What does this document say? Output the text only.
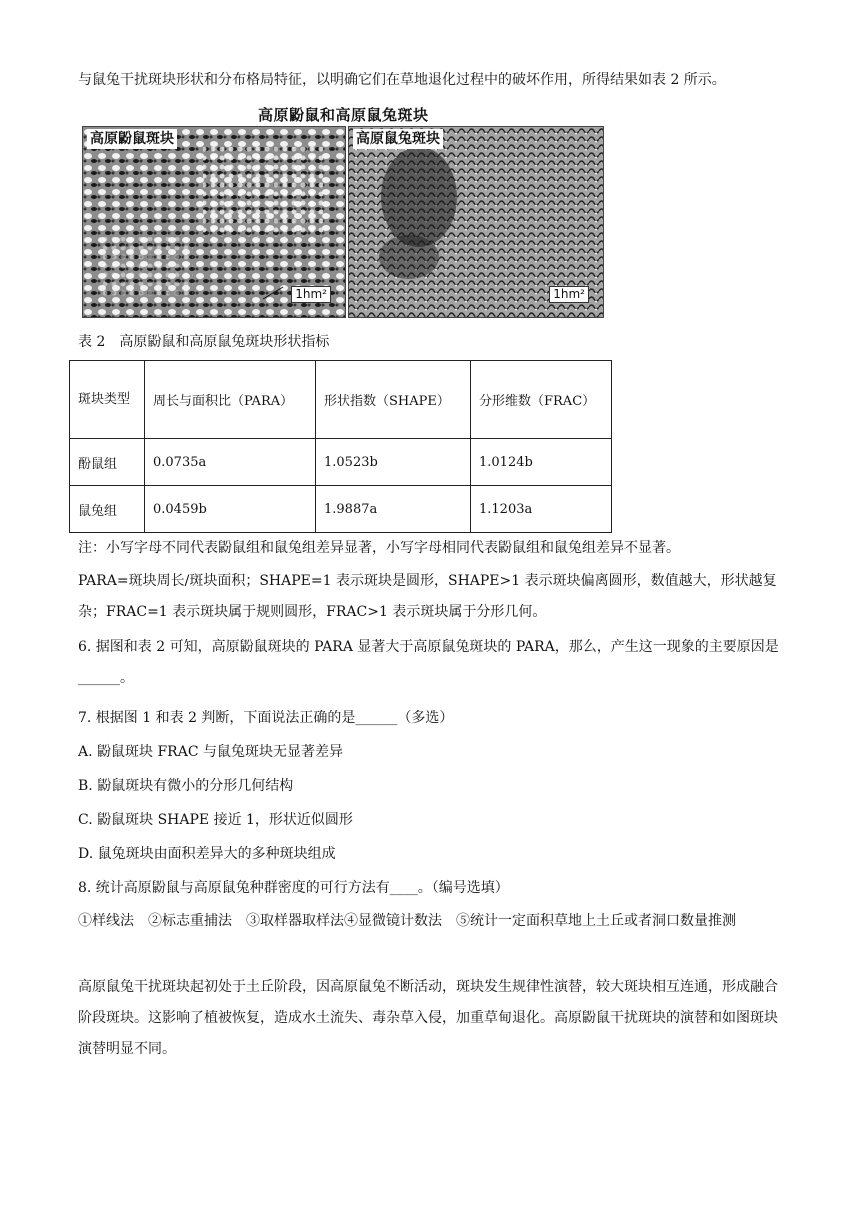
与鼠兔干扰斑块形状和分布格局特征，以明确它们在草地退化过程中的破坏作用，所得结果如表 2 所示。
高原鼢鼠和高原鼠兔斑块
高原鼢鼠斑块
1hm²
高原鼠兔斑块
1hm²
表 2　高原鼢鼠和高原鼠兔斑块形状指标
斑块类型	周长与面积比（PARA）	形状指数（SHAPE）	分形维数（FRAC）
酚鼠组	0.0735a	1.0523b	1.0124b
鼠兔组	0.0459b	1.9887a	1.1203a
注：小写字母不同代表鼢鼠组和鼠兔组差异显著，小写字母相同代表鼢鼠组和鼠兔组差异不显著。
PARA=斑块周长/斑块面积；SHAPE=1 表示斑块是圆形，SHAPE>1 表示斑块偏离圆形，数值越大，形状越复杂；FRAC=1 表示斑块属于规则圆形，FRAC>1 表示斑块属于分形几何。
6. 据图和表 2 可知，高原鼢鼠斑块的 PARA 显著大于高原鼠兔斑块的 PARA，那么，产生这一现象的主要原因是______。
7. 根据图 1 和表 2 判断，下面说法正确的是______（多选）
A. 鼢鼠斑块 FRAC 与鼠兔斑块无显著差异
B. 鼢鼠斑块有微小的分形几何结构
C. 鼢鼠斑块 SHAPE 接近 1，形状近似圆形
D. 鼠兔斑块由面积差异大的多种斑块组成
8. 统计高原鼢鼠与高原鼠兔种群密度的可行方法有____。（编号选填）
①样线法　②标志重捕法　③取样器取样法④显微镜计数法　⑤统计一定面积草地上土丘或者洞口数量推测
高原鼠兔干扰斑块起初处于土丘阶段，因高原鼠兔不断活动，斑块发生规律性演替，较大斑块相互连通，形成融合阶段斑块。这影响了植被恢复，造成水土流失、毒杂草入侵，加重草甸退化。高原鼢鼠干扰斑块的演替和如图斑块演替明显不同。
